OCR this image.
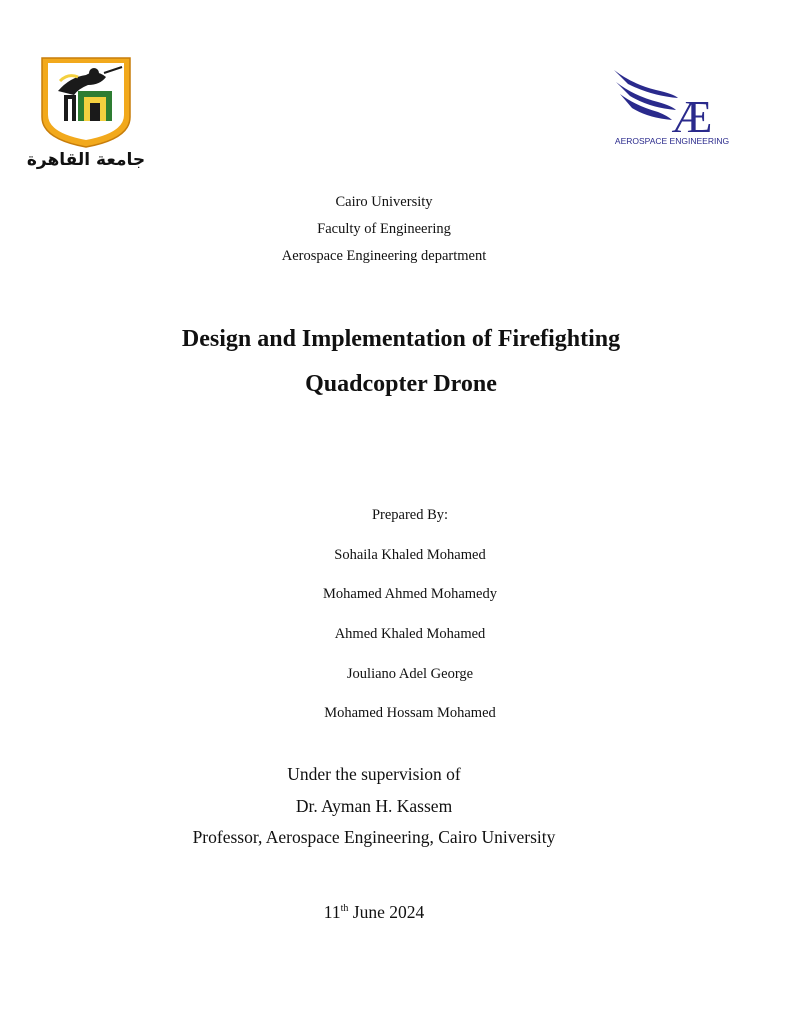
جامعة القاهرة
Æ
AEROSPACE ENGINEERING
Cairo University
Faculty of Engineering
Aerospace Engineering department
Design and Implementation of Firefighting
Quadcopter Drone
Prepared By:
Sohaila Khaled Mohamed
Mohamed Ahmed Mohamedy
Ahmed Khaled Mohamed
Jouliano Adel George
Mohamed Hossam Mohamed
Under the supervision of
Dr. Ayman H. Kassem
Professor, Aerospace Engineering, Cairo University
11th June 2024
